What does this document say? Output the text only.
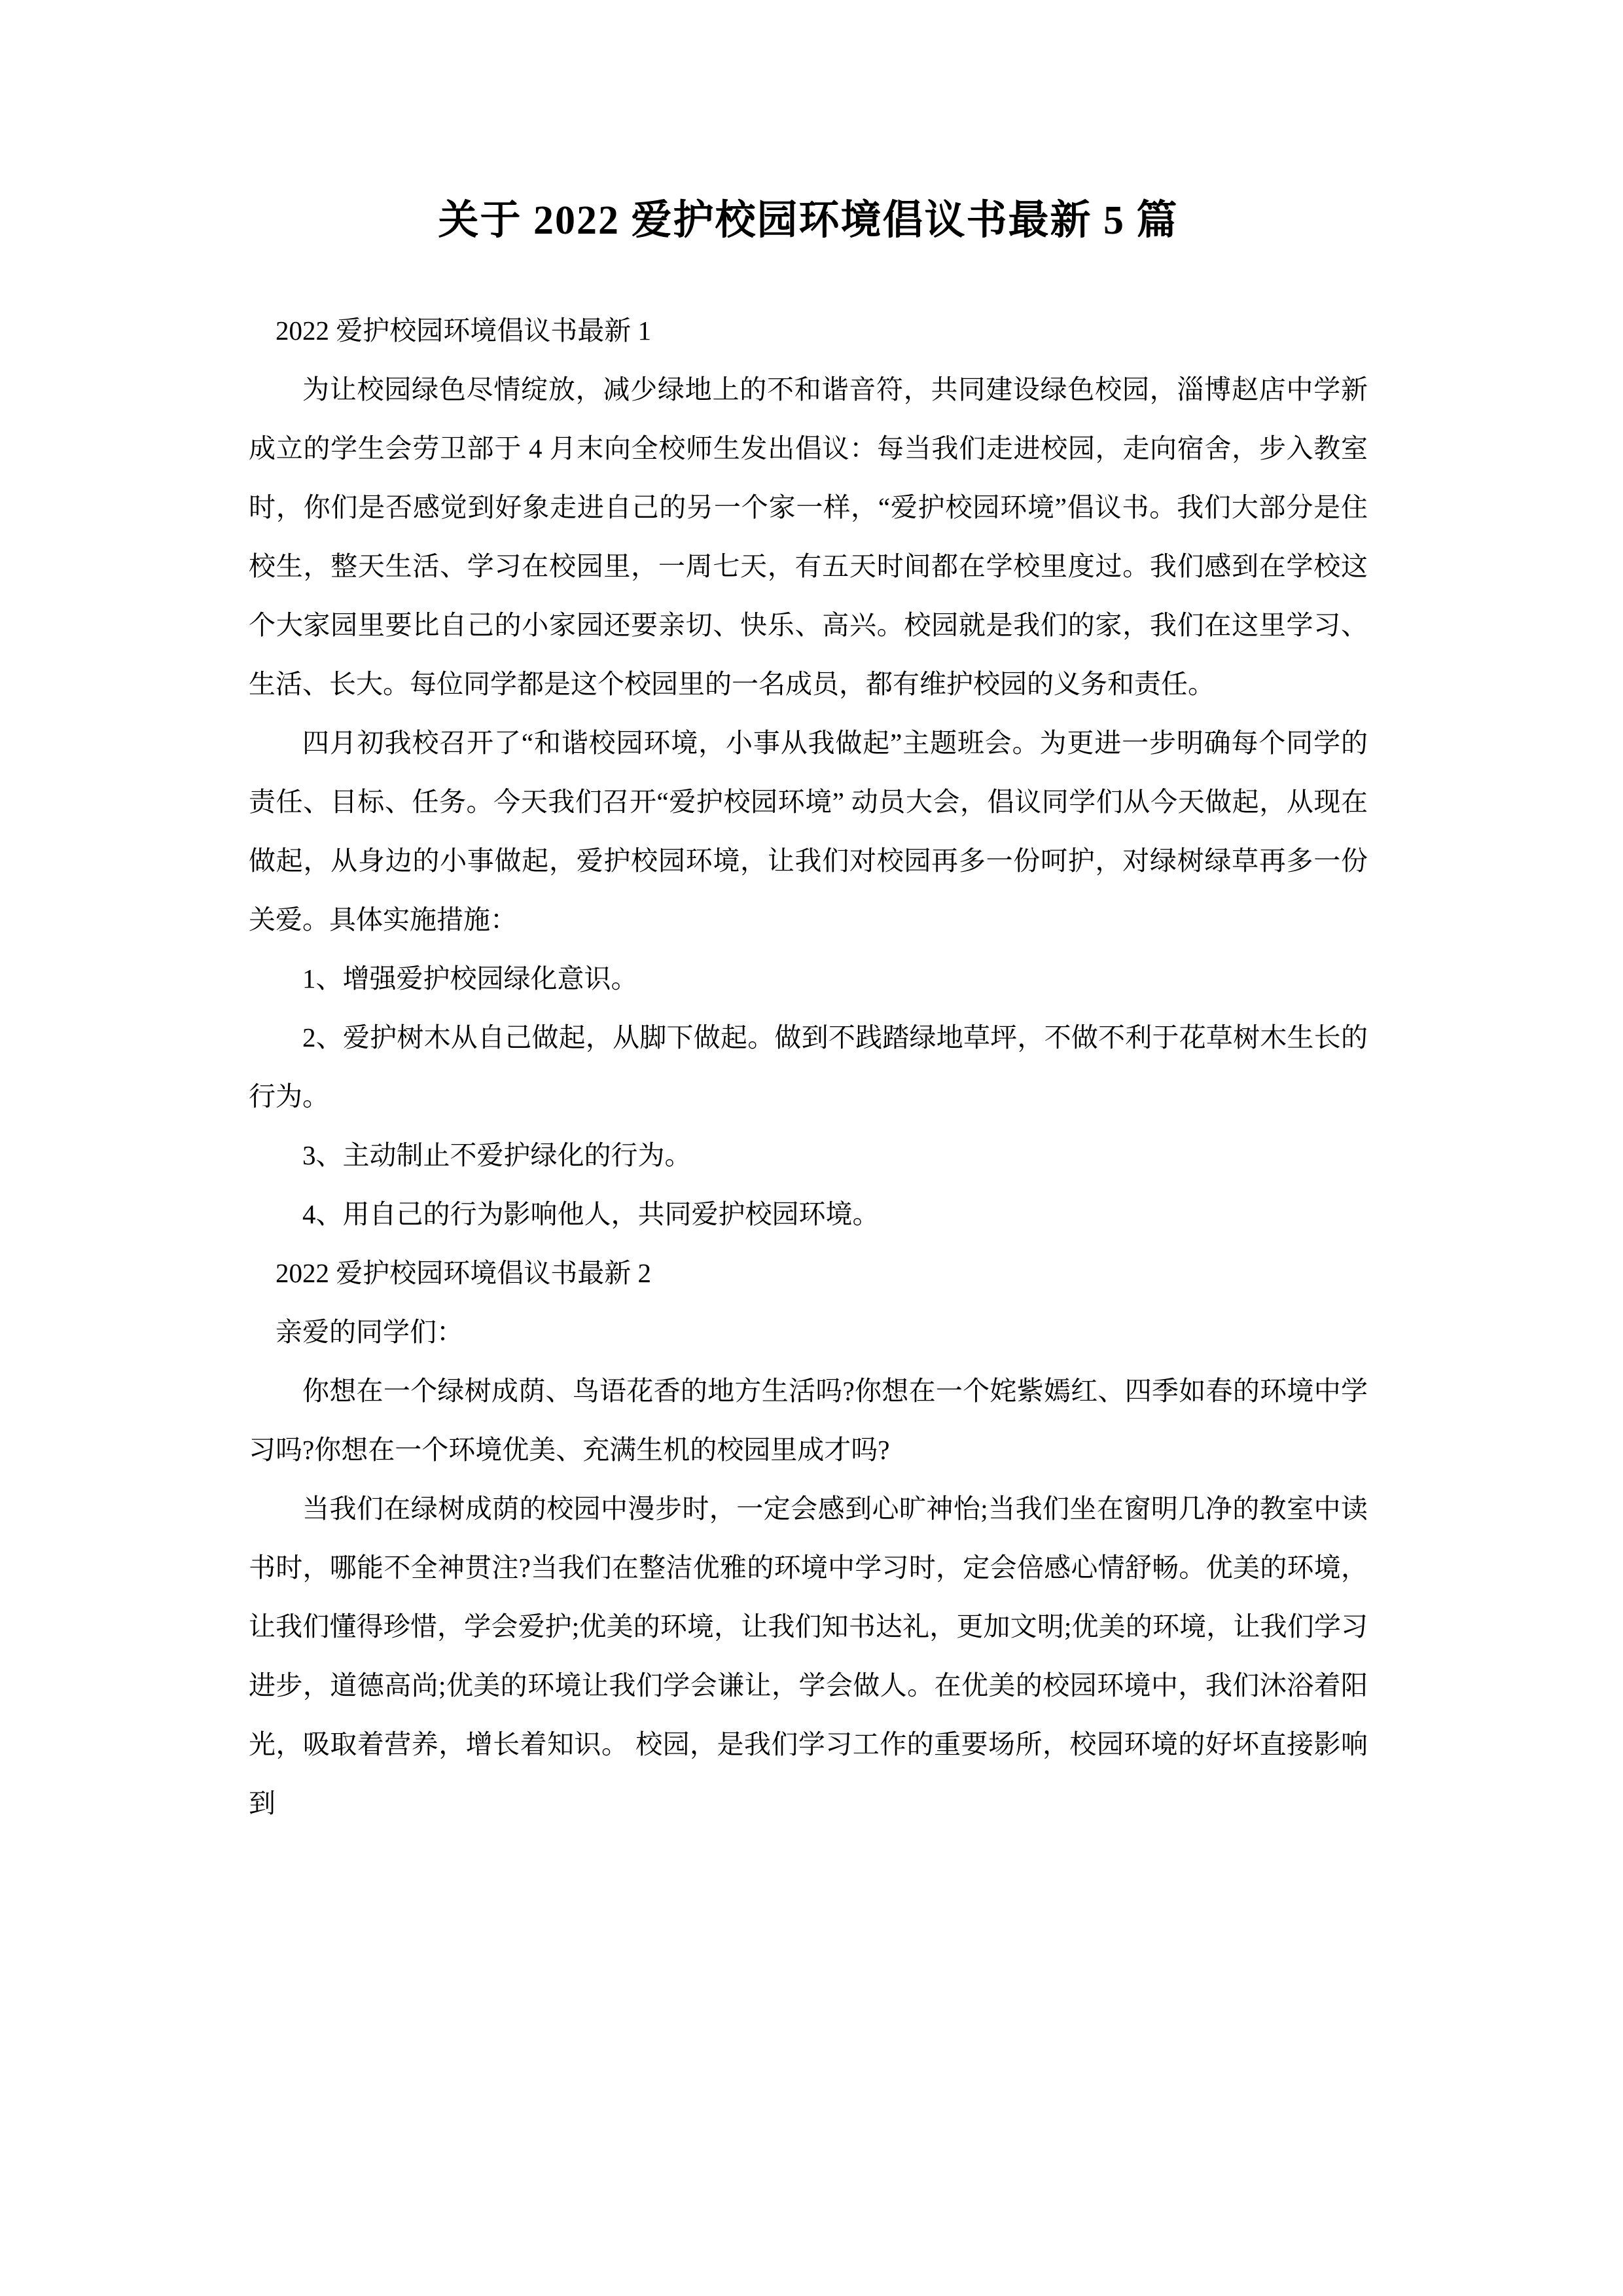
关于 2022 爱护校园环境倡议书最新 5 篇

2022 爱护校园环境倡议书最新 1

为让校园绿色尽情绽放，减少绿地上的不和谐音符，共同建设绿色校园，淄博赵店中学新成立的学生会劳卫部于 4 月末向全校师生发出倡议：每当我们走进校园，走向宿舍，步入教室时，你们是否感觉到好象走进自己的另一个家一样，“爱护校园环境”倡议书。我们大部分是住校生，整天生活、学习在校园里，一周七天，有五天时间都在学校里度过。我们感到在学校这个大家园里要比自己的小家园还要亲切、快乐、高兴。校园就是我们的家，我们在这里学习、生活、长大。每位同学都是这个校园里的一名成员，都有维护校园的义务和责任。

四月初我校召开了“和谐校园环境，小事从我做起”主题班会。为更进一步明确每个同学的责任、目标、任务。今天我们召开“爱护校园环境” 动员大会，倡议同学们从今天做起，从现在做起，从身边的小事做起，爱护校园环境，让我们对校园再多一份呵护，对绿树绿草再多一份关爱。具体实施措施：

1、增强爱护校园绿化意识。

2、爱护树木从自己做起，从脚下做起。做到不践踏绿地草坪，不做不利于花草树木生长的行为。

3、主动制止不爱护绿化的行为。

4、用自己的行为影响他人，共同爱护校园环境。

2022 爱护校园环境倡议书最新 2

亲爱的同学们：

你想在一个绿树成荫、鸟语花香的地方生活吗?你想在一个姹紫嫣红、四季如春的环境中学习吗?你想在一个环境优美、充满生机的校园里成才吗?

当我们在绿树成荫的校园中漫步时，一定会感到心旷神怡;当我们坐在窗明几净的教室中读书时，哪能不全神贯注?当我们在整洁优雅的环境中学习时，定会倍感心情舒畅。优美的环境，让我们懂得珍惜，学会爱护;优美的环境，让我们知书达礼，更加文明;优美的环境，让我们学习进步，道德高尚;优美的环境让我们学会谦让，学会做人。在优美的校园环境中，我们沐浴着阳光，吸取着营养，增长着知识。 校园，是我们学习工作的重要场所，校园环境的好坏直接影响到
